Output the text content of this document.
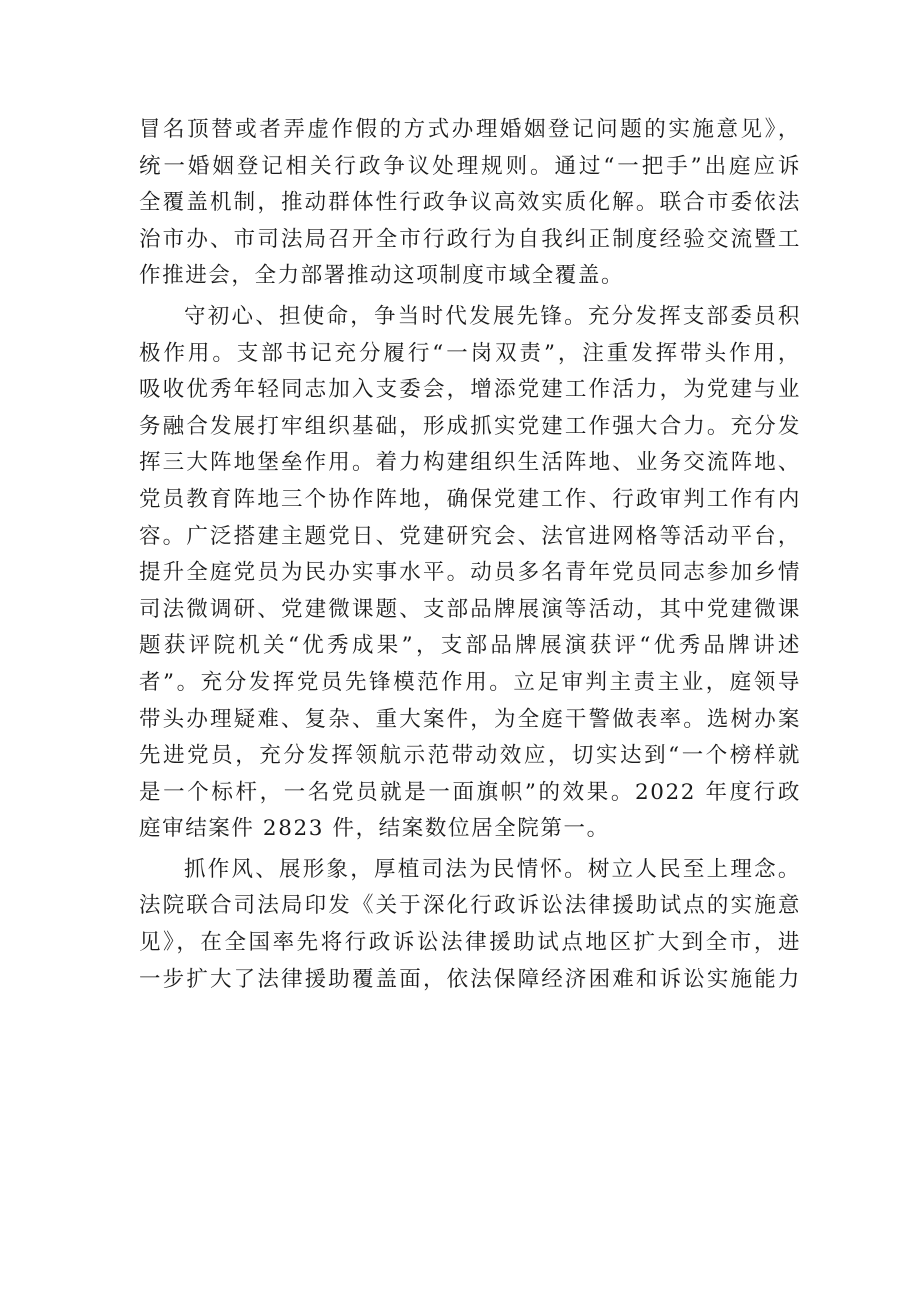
冒名顶替或者弄虚作假的方式办理婚姻登记问题的实施意见》，
统一婚姻登记相关行政争议处理规则。通过“一把手”出庭应诉
全覆盖机制，推动群体性行政争议高效实质化解。联合市委依法
治市办、市司法局召开全市行政行为自我纠正制度经验交流暨工
作推进会，全力部署推动这项制度市域全覆盖。
守初心、担使命，争当时代发展先锋。充分发挥支部委员积
极作用。支部书记充分履行“一岗双责”，注重发挥带头作用，
吸收优秀年轻同志加入支委会，增添党建工作活力，为党建与业
务融合发展打牢组织基础，形成抓实党建工作强大合力。充分发
挥三大阵地堡垒作用。着力构建组织生活阵地、业务交流阵地、
党员教育阵地三个协作阵地，确保党建工作、行政审判工作有内
容。广泛搭建主题党日、党建研究会、法官进网格等活动平台，
提升全庭党员为民办实事水平。动员多名青年党员同志参加乡情
司法微调研、党建微课题、支部品牌展演等活动，其中党建微课
题获评院机关“优秀成果”，支部品牌展演获评“优秀品牌讲述
者”。充分发挥党员先锋模范作用。立足审判主责主业，庭领导
带头办理疑难、复杂、重大案件，为全庭干警做表率。选树办案
先进党员，充分发挥领航示范带动效应，切实达到“一个榜样就
是一个标杆，一名党员就是一面旗帜”的效果。2022 年度行政
庭审结案件 2823 件，结案数位居全院第一。
抓作风、展形象，厚植司法为民情怀。树立人民至上理念。
法院联合司法局印发《关于深化行政诉讼法律援助试点的实施意
见》，在全国率先将行政诉讼法律援助试点地区扩大到全市，进
一步扩大了法律援助覆盖面，依法保障经济困难和诉讼实施能力
